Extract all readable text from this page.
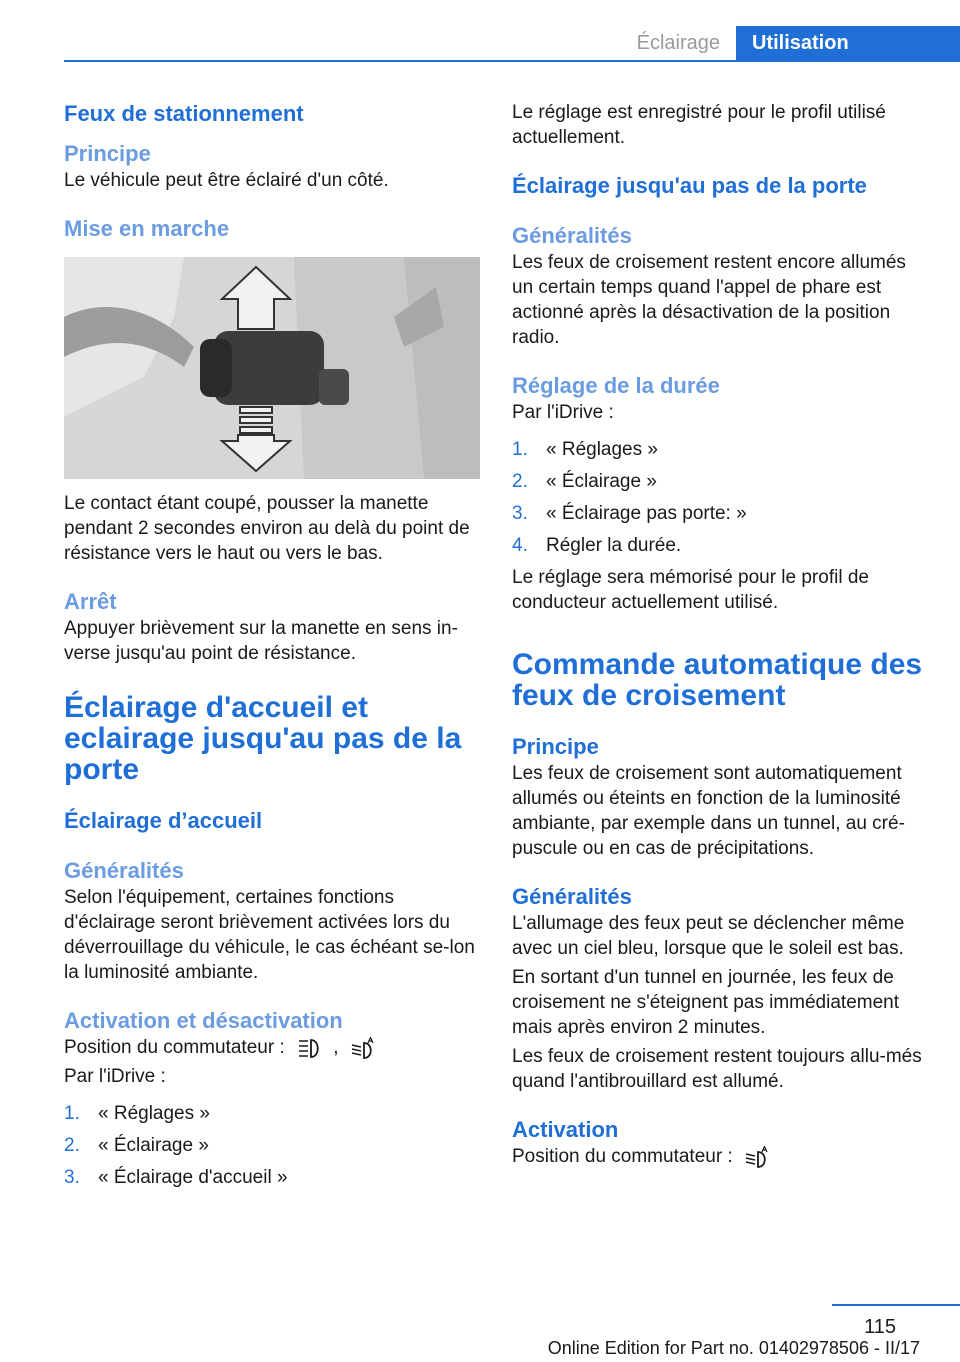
Éclairage	Utilisation
Feux de stationnement
Principe
Le véhicule peut être éclairé d'un côté.
Mise en marche
Le contact étant coupé, pousser la manette pendant 2 secondes environ au delà du point de résistance vers le haut ou vers le bas.
Arrêt
Appuyer brièvement sur la manette en sens in‐verse jusqu'au point de résistance.
Éclairage d'accueil et eclairage jusqu'au pas de la porte
Éclairage d’accueil
Généralités
Selon l'équipement, certaines fonctions d'éclairage seront brièvement activées lors du déverrouillage du véhicule, le cas échéant se‐lon la luminosité ambiante.
Activation et désactivation
Position du commutateur :	,
Par l'iDrive :
1. « Réglages »
2. « Éclairage »
3. « Éclairage d'accueil »
Le réglage est enregistré pour le profil utilisé actuellement.
Éclairage jusqu'au pas de la porte
Généralités
Les feux de croisement restent encore allumés un certain temps quand l'appel de phare est actionné après la désactivation de la position radio.
Réglage de la durée
Par l'iDrive :
1. « Réglages »
2. « Éclairage »
3. « Éclairage pas porte: »
4. Régler la durée.
Le réglage sera mémorisé pour le profil de conducteur actuellement utilisé.
Commande automatique des feux de croisement
Principe
Les feux de croisement sont automatiquement allumés ou éteints en fonction de la luminosité ambiante, par exemple dans un tunnel, au cré‐puscule ou en cas de précipitations.
Généralités
L'allumage des feux peut se déclencher même avec un ciel bleu, lorsque que le soleil est bas.
En sortant d'un tunnel en journée, les feux de croisement ne s'éteignent pas immédiatement mais après environ 2 minutes.
Les feux de croisement restent toujours allu‐més quand l'antibrouillard est allumé.
Activation
Position du commutateur :
115
Online Edition for Part no. 01402978506 - II/17
